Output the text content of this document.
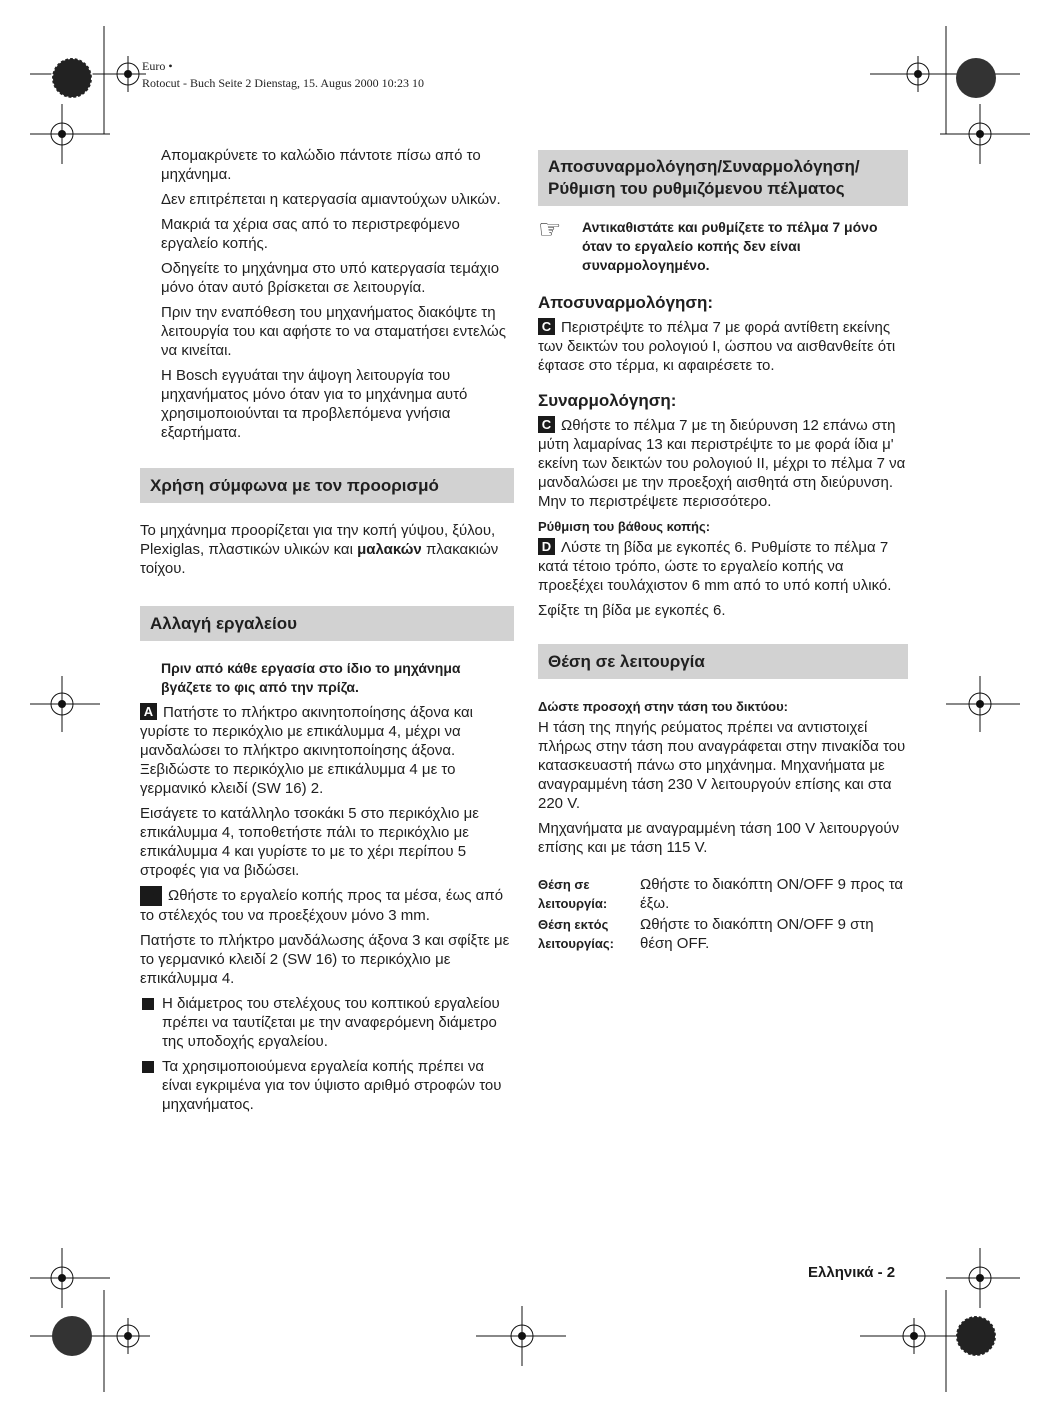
Euro •
Rotocut - Buch Seite 2 Dienstag, 15. Augus 2000 10:23 10

Απομακρύνετε το καλώδιο πάντοτε πίσω από το μηχάνημα.

Δεν επιτρέπεται η κατεργασία αμιαντούχων υλικών.

Μακριά τα χέρια σας από το περιστρεφόμενο εργαλείο κοπής.

Οδηγείτε το μηχάνημα στο υπό κατεργασία τεμάχιο μόνο όταν αυτό βρίσκεται σε λειτουργία.

Πριν την εναπόθεση του μηχανήματος διακόψτε τη λειτουργία του και αφήστε το να σταματήσει εντελώς να κινείται.

Η Bosch εγγυάται την άψογη λειτουργία του μηχανήματος μόνο όταν για το μηχάνημα αυτό χρησιμοποιούνται τα προβλεπόμενα γνήσια εξαρτήματα.

Χρήση σύμφωνα με τον προορισμό

Το μηχάνημα προορίζεται για την κοπή γύψου, ξύλου, Plexiglas, πλαστικών υλικών και μαλακών πλακακιών τοίχου.

Αλλαγή εργαλείου

Πριν από κάθε εργασία στο ίδιο το μηχάνημα βγάζετε το φις από την πρίζα.

A Πατήστε το πλήκτρο ακινητοποίησης άξονα και γυρίστε το περικόχλιο με επικάλυμμα 4, μέχρι να μανδαλώσει το πλήκτρο ακινητοποίησης άξονα. Ξεβιδώστε το περικόχλιο με επικάλυμμα 4 με το γερμανικό κλειδί (SW 16) 2.

Εισάγετε το κατάλληλο τσοκάκι 5 στο περικόχλιο με επικάλυμμα 4, τοποθετήστε πάλι το περικόχλιο με επικάλυμμα 4 και γυρίστε το με το χέρι περίπου 5 στροφές για να βιδώσει.

B Ωθήστε το εργαλείο κοπής προς τα μέσα, έως από το στέλεχός του να προεξέχουν μόνο 3 mm.

Πατήστε το πλήκτρο μανδάλωσης άξονα 3 και σφίξτε με το γερμανικό κλειδί 2 (SW 16) το περικόχλιο με επικάλυμμα 4.

Η διάμετρος του στελέχους του κοπτικού εργαλείου πρέπει να ταυτίζεται με την αναφερόμενη διάμετρο της υποδοχής εργαλείου.
Τα χρησιμοποιούμενα εργαλεία κοπής πρέπει να είναι εγκριμένα για τον ύψιστο αριθμό στροφών του μηχανήματος.
Αποσυναρμολόγηση/Συναρμολόγηση/ Ρύθμιση του ρυθμιζόμενου πέλματος
☞	Αντικαθιστάτε και ρυθμίζετε το πέλμα 7 μόνο όταν το εργαλείο κοπής δεν είναι συναρμολογημένο.
Αποσυναρμολόγηση:

C Περιστρέψτε το πέλμα 7 με φορά αντίθετη εκείνης των δεικτών του ρολογιού I, ώσπου να αισθανθείτε ότι έφτασε στο τέρμα, κι αφαιρέσετε το.

Συναρμολόγηση:

C Ωθήστε το πέλμα 7 με τη διεύρυνση 12 επάνω στη μύτη λαμαρίνας 13 και περιστρέψτε το με φορά ίδια μ' εκείνη των δεικτών του ρολογιού II, μέχρι το πέλμα 7 να μανδαλώσει με την προεξοχή αισθητά στη διεύρυνση. Μην το περιστρέψετε περισσότερο.

Ρύθμιση του βάθους κοπής:

D Λύστε τη βίδα με εγκοπές 6. Ρυθμίστε το πέλμα 7 κατά τέτοιο τρόπο, ώστε το εργαλείο κοπής να προεξέχει τουλάχιστον 6 mm από το υπό κοπή υλικό.

Σφίξτε τη βίδα με εγκοπές 6.

Θέση σε λειτουργία
Δώστε προσοχή στην τάση του δικτύου:

Η τάση της πηγής ρεύματος πρέπει να αντιστοιχεί πλήρως στην τάση που αναγράφεται στην πινακίδα του κατασκευαστή πάνω στο μηχάνημα. Μηχανήματα με αναγραμμένη τάση 230 V λειτουργούν επίσης και στα 220 V.

Μηχανήματα με αναγραμμένη τάση 100 V λειτουργούν επίσης και με τάση 115 V.

Θέση σε λειτουργία:
Ωθήστε το διακόπτη ON/OFF 9 προς τα έξω.
Θέση εκτός λειτουργίας:
Ωθήστε το διακόπτη ON/OFF 9 στη θέση OFF.
Ελληνικά - 2
